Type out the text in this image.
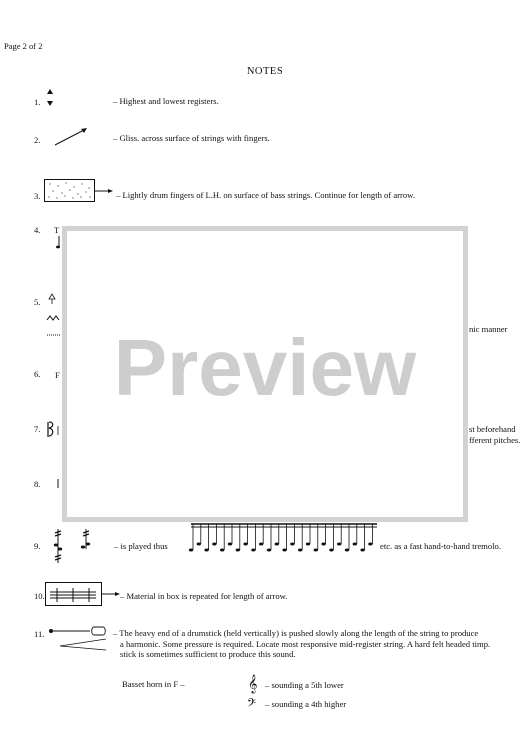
Page 2 of 2
NOTES
1.	– Highest and lowest registers.
2.	– Gliss. across surface of strings with fingers.
3.	– Lightly drum fingers of L.H. on surface of bass strings. Continue for length of arrow.
4. T
5.
nic manner
6. F
7.	st beforehand
fferent pitches.
8.
Preview
9.	– is played thus	etc. as a fast hand-to-hand tremolo.
10.	– Material in box is repeated for length of arrow.
11.	– The heavy end of a drumstick (held vertically) is pushed slowly along the length of the string to produce
a harmonic. Some pressure is required. Locate most responsive mid-register string. A hard felt headed timp.
stick is sometimes sufficient to produce this sound.
Basset horn in F –	𝄞
𝄢
– sounding a 5th lower
– sounding a 4th higher
